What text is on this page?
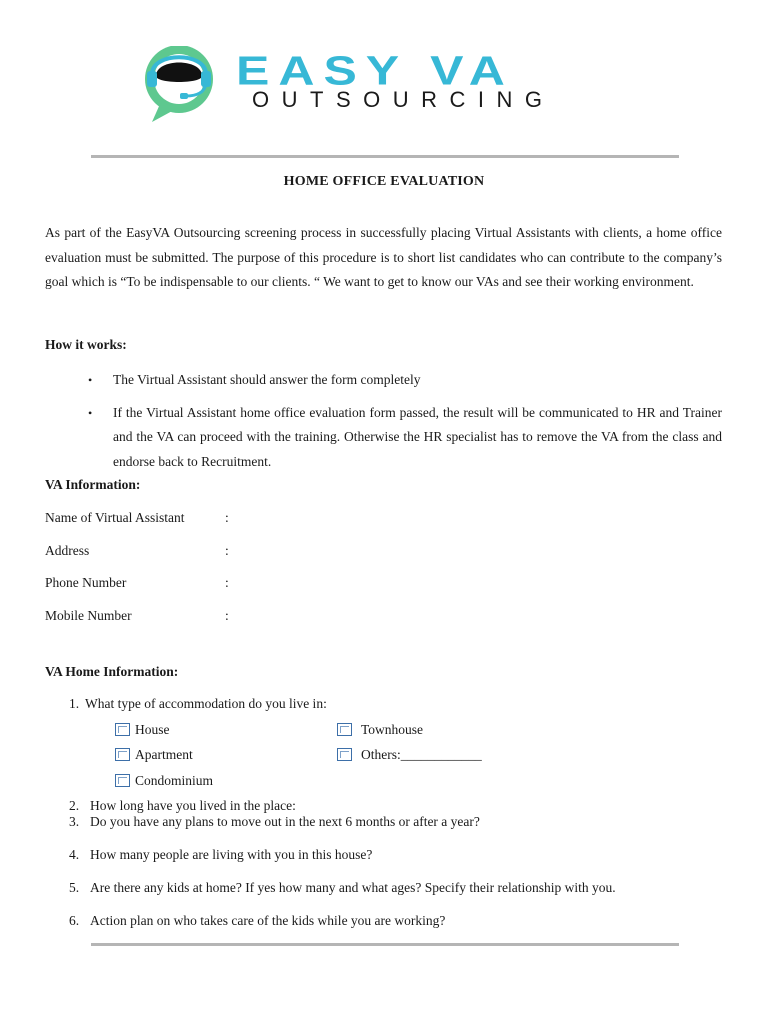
EASY VA
OUTSOURCING
HOME OFFICE EVALUATION

As part of the EasyVA Outsourcing screening process in successfully placing Virtual Assistants with clients, a home office evaluation must be submitted. The purpose of this procedure is to short list candidates who can contribute to the company’s goal which is “To be indispensable to our clients. “ We want to get to know our VAs and see their working environment.

How it works:
• The Virtual Assistant should answer the form completely
• If the Virtual Assistant home office evaluation form passed, the result will be communicated to HR and Trainer and the VA can proceed with the training. Otherwise the HR specialist has to remove the VA from the class and endorse back to Recruitment.
VA Information:
Name of Virtual Assistant	:
Address	:
Phone Number	:
Mobile Number	:
VA Home Information:
1. What type of accommodation do you live in:
House	Townhouse
Apartment	Others:____________
Condominium
2. How long have you lived in the place:
3. Do you have any plans to move out in the next 6 months or after a year?
4. How many people are living with you in this house?
5. Are there any kids at home? If yes how many and what ages? Specify their relationship with you.
6. Action plan on who takes care of the kids while you are working?
